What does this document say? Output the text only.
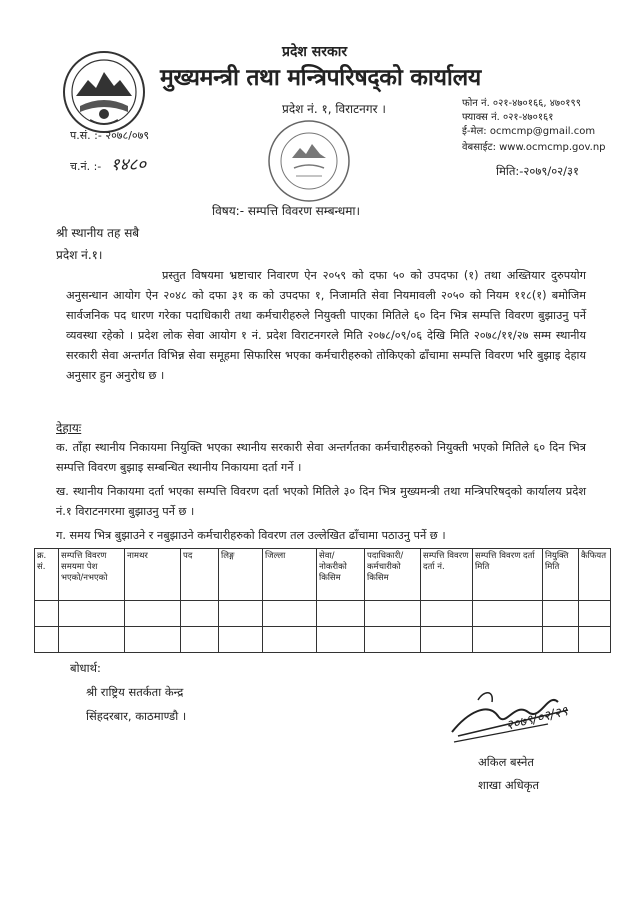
प्रदेश सरकार
मुख्यमन्त्री तथा मन्त्रिपरिषद्को कार्यालय
प्रदेश नं. १, विराटनगर ।	फोन नं. ०२१-४७०१६६, ४७०१९९
फ्याक्स नं. ०२१-४७०१६१
ई-मेल: ocmcmp@gmail.com
वेबसाईट: www.ocmcmp.gov.np
प.सं. :- २०७८/०७९
च.नं. :- १४८०	मिति:-२०७९/०२/३१
विषय:- सम्पत्ति विवरण सम्बन्धमा।
श्री स्थानीय तह सबै
प्रदेश नं.१।
प्रस्तुत विषयमा भ्रष्टाचार निवारण ऐन २०५९ को दफा ५० को उपदफा (१) तथा अख्तियार दुरुपयोग अनुसन्धान आयोग ऐन २०४८ को दफा ३१ क को उपदफा १, निजामति सेवा नियमावली २०५० को नियम ११८(१) बमोजिम सार्वजनिक पद धारण गरेका पदाधिकारी तथा कर्मचारीहरुले नियुक्ती पाएका मितिले ६० दिन भित्र सम्पत्ति विवरण बुझाउनु पर्ने व्यवस्था रहेको । प्रदेश लोक सेवा आयोग १ नं. प्रदेश विराटनगरले मिति २०७८/०९/०६ देखि मिति २०७८/११/२७ सम्म स्थानीय सरकारी सेवा अन्तर्गत विभिन्न सेवा समूहमा सिफारिस भएका कर्मचारीहरुको तोकिएको ढाँचामा सम्पत्ति विवरण भरि बुझाइ देहाय अनुसार हुन अनुरोध छ ।
देहायः
क. ताँहा स्थानीय निकायमा नियुक्ति भएका स्थानीय सरकारी सेवा अन्तर्गतका कर्मचारीहरुको नियुक्ती भएको मितिले ६० दिन भित्र सम्पत्ति विवरण बुझाइ सम्बन्धित स्थानीय निकायमा दर्ता गर्ने ।
ख. स्थानीय निकायमा दर्ता भएका सम्पत्ति विवरण दर्ता भएको मितिले ३० दिन भित्र मुख्यमन्त्री तथा मन्त्रिपरिषद्को कार्यालय प्रदेश नं.१ विराटनगरमा बुझाउनु पर्ने छ ।
ग. समय भित्र बुझाउने र नबुझाउने कर्मचारीहरुको विवरण तल उल्लेखित ढाँचामा पठाउनु पर्ने छ ।
क्र. सं.	सम्पत्ति विवरण समयमा पेश भएको/नभएको	नामथर	पद	लिङ्ग	जिल्ला	सेवा/ नोकरीको किसिम	पदाधिकारी/ कर्मचारीको किसिम	सम्पत्ति विवरण दर्ता नं.	सम्पत्ति विवरण दर्ता मिति	नियुक्ति मिति	कैफियत

बोधार्थ:
श्री राष्ट्रिय सतर्कता केन्द्र
सिंहदरबार, काठमाण्डौ ।	२०७९/०२/२९
अकिल बस्नेत
शाखा अधिकृत
